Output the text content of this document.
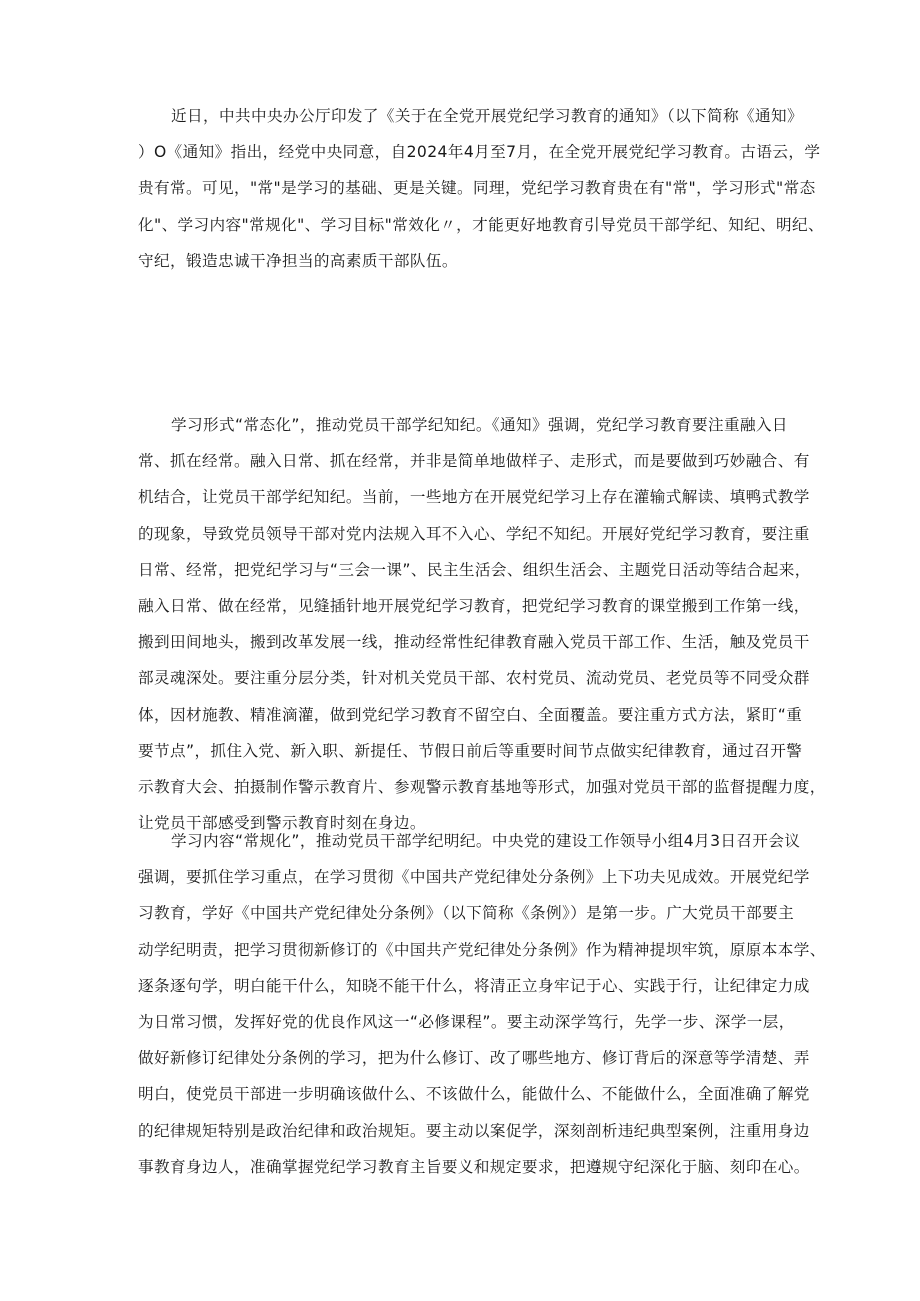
近日，中共中央办公厅印发了《关于在全党开展党纪学习教育的通知》（以下简称《通知》
）O《通知》指出，经党中央同意，自2024年4月至7月，在全党开展党纪学习教育。古语云，学
贵有常。可见，"常"是学习的基础、更是关键。同理，党纪学习教育贵在有"常"，学习形式"常态
化"、学习内容"常规化"、学习目标"常效化〃，才能更好地教育引导党员干部学纪、知纪、明纪、
守纪，锻造忠诚干净担当的高素质干部队伍。
学习形式“常态化”，推动党员干部学纪知纪。《通知》强调，党纪学习教育要注重融入日
常、抓在经常。融入日常、抓在经常，并非是简单地做样子、走形式，而是要做到巧妙融合、有
机结合，让党员干部学纪知纪。当前，一些地方在开展党纪学习上存在灌输式解读、填鸭式教学
的现象，导致党员领导干部对党内法规入耳不入心、学纪不知纪。开展好党纪学习教育，要注重
日常、经常，把党纪学习与“三会一课”、民主生活会、组织生活会、主题党日活动等结合起来，
融入日常、做在经常，见缝插针地开展党纪学习教育，把党纪学习教育的课堂搬到工作第一线，
搬到田间地头，搬到改革发展一线，推动经常性纪律教育融入党员干部工作、生活，触及党员干
部灵魂深处。要注重分层分类，针对机关党员干部、农村党员、流动党员、老党员等不同受众群
体，因材施教、精准滴灌，做到党纪学习教育不留空白、全面覆盖。要注重方式方法，紧盯“重
要节点”，抓住入党、新入职、新提任、节假日前后等重要时间节点做实纪律教育，通过召开警
示教育大会、拍摄制作警示教育片、参观警示教育基地等形式，加强对党员干部的监督提醒力度，
让党员干部感受到警示教育时刻在身边。
学习内容“常规化”，推动党员干部学纪明纪。中央党的建设工作领导小组4月3日召开会议
强调，要抓住学习重点，在学习贯彻《中国共产党纪律处分条例》上下功夫见成效。开展党纪学
习教育，学好《中国共产党纪律处分条例》（以下简称《条例》）是第一步。广大党员干部要主
动学纪明责，把学习贯彻新修订的《中国共产党纪律处分条例》作为精神提坝牢筑，原原本本学、
逐条逐句学，明白能干什么，知晓不能干什么，将清正立身牢记于心、实践于行，让纪律定力成
为日常习惯，发挥好党的优良作风这一“必修课程”。要主动深学笃行，先学一步、深学一层，
做好新修订纪律处分条例的学习，把为什么修订、改了哪些地方、修订背后的深意等学清楚、弄
明白，使党员干部进一步明确该做什么、不该做什么，能做什么、不能做什么，全面准确了解党
的纪律规矩特别是政治纪律和政治规矩。要主动以案促学，深刻剖析违纪典型案例，注重用身边
事教育身边人，准确掌握党纪学习教育主旨要义和规定要求，把遵规守纪深化于脑、刻印在心。
